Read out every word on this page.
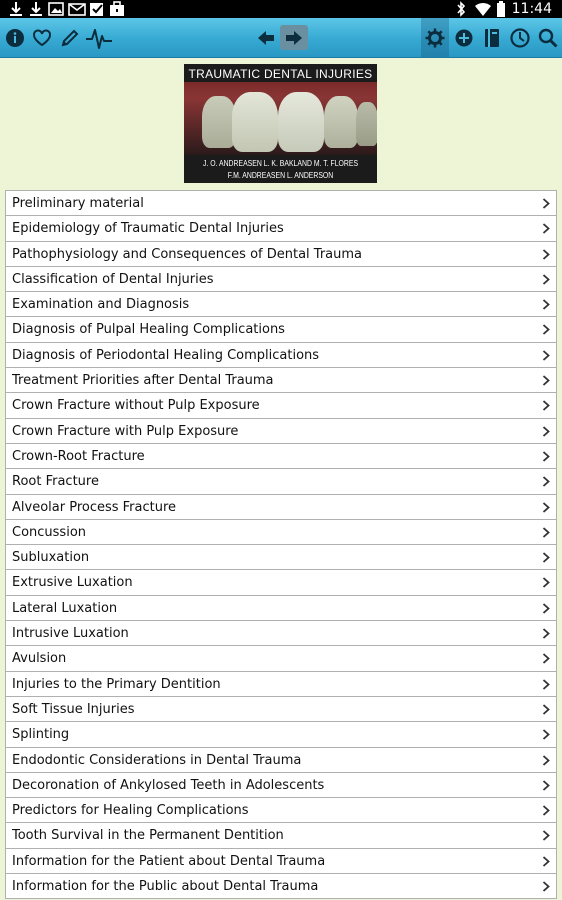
11:44
TRAUMATIC DENTAL INJURIES
J. O. ANDREASEN L. K. BAKLAND M. T. FLORES
F.M. ANDREASEN L. ANDERSON
Preliminary material
Epidemiology of Traumatic Dental Injuries
Pathophysiology and Consequences of Dental Trauma
Classification of Dental Injuries
Examination and Diagnosis
Diagnosis of Pulpal Healing Complications
Diagnosis of Periodontal Healing Complications
Treatment Priorities after Dental Trauma
Crown Fracture without Pulp Exposure
Crown Fracture with Pulp Exposure
Crown-Root Fracture
Root Fracture
Alveolar Process Fracture
Concussion
Subluxation
Extrusive Luxation
Lateral Luxation
Intrusive Luxation
Avulsion
Injuries to the Primary Dentition
Soft Tissue Injuries
Splinting
Endodontic Considerations in Dental Trauma
Decoronation of Ankylosed Teeth in Adolescents
Predictors for Healing Complications
Tooth Survival in the Permanent Dentition
Information for the Patient about Dental Trauma
Information for the Public about Dental Trauma
